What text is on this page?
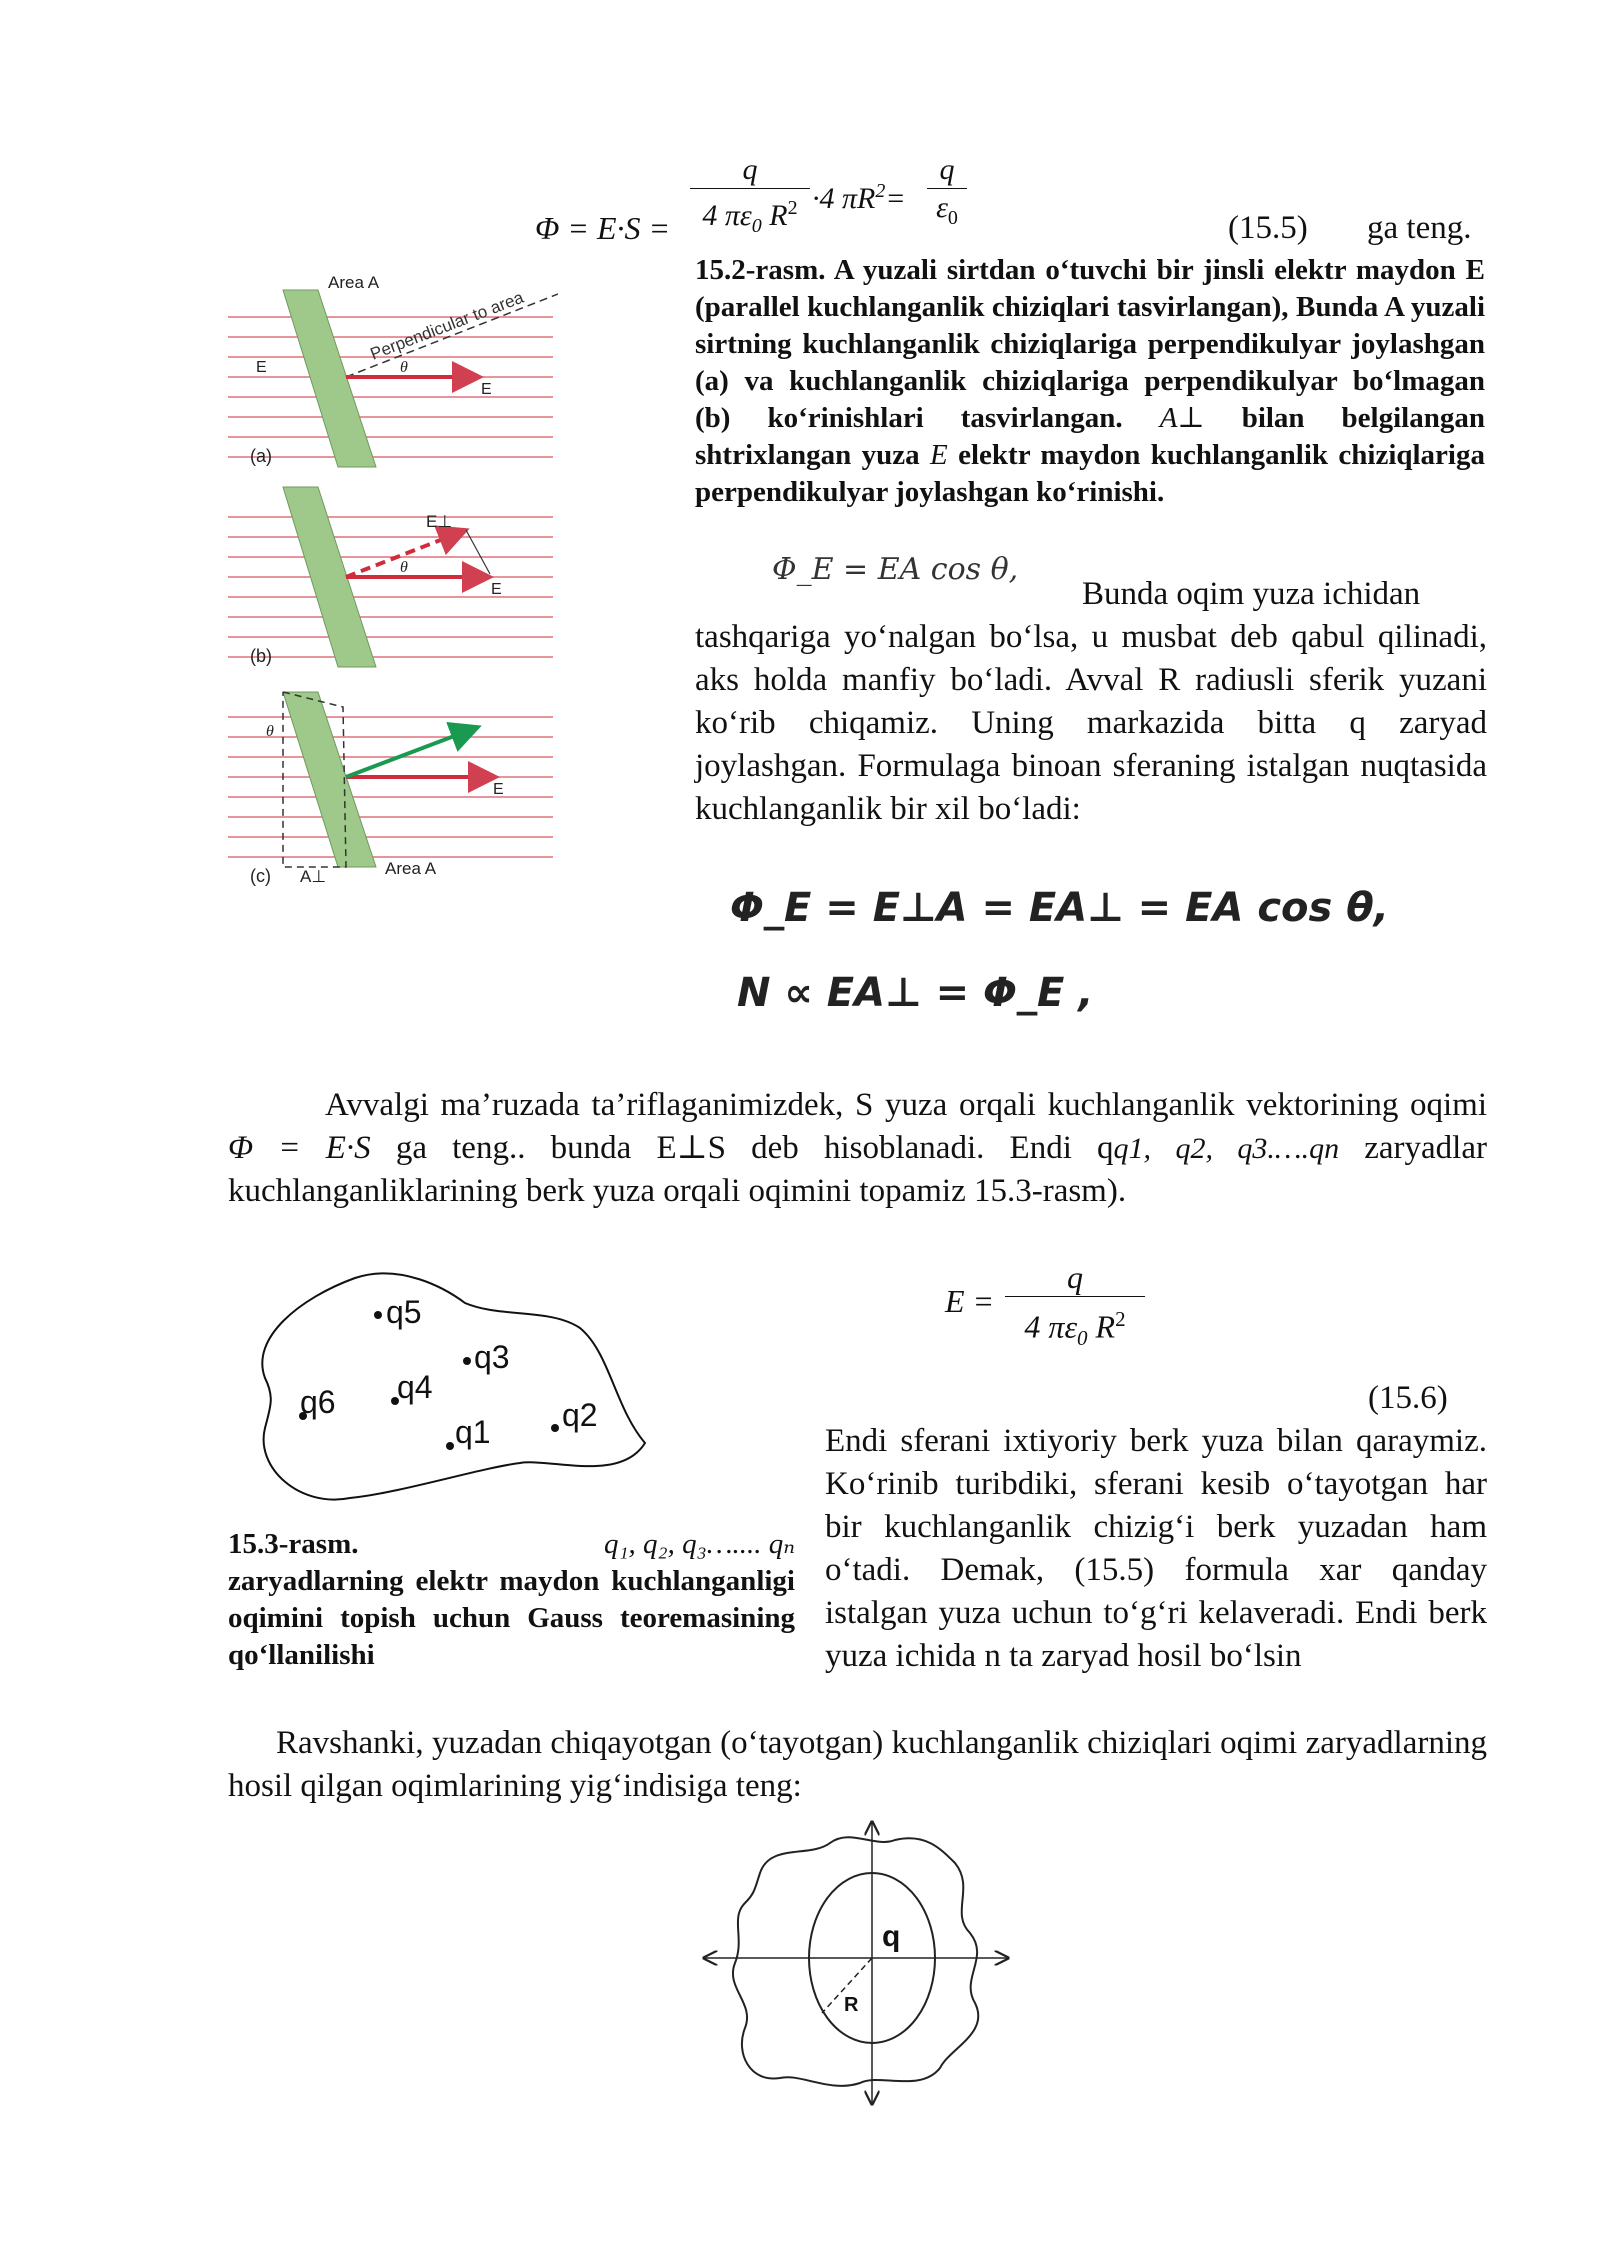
Φ = E·S =
q
4 $\pi\varepsilon_0$ $R^2 \cdot 4$ $\pi R^2=$
q
$\varepsilon_0$	(15.5) ga teng.
Area A
Perpendicular to area
E
E
θ
(a)
E⊥
θ
E
(b)
θ
E
A⊥	Area A
(c)
15.2-rasm. A yuzali sirtdan o‘tuvchi bir jinsli elektr maydon E (parallel kuchlanganlik chiziqlari tasvirlangan), Bunda A yuzali sirtning kuchlanganlik chiziqlariga perpendikulyar joylashgan (a) va kuchlanganlik chiziqlariga perpendikulyar bo‘lmagan (b) ko‘rinishlari tasvirlangan. A⊥ bilan belgilangan shtrixlangan yuza E elektr maydon kuchlanganlik chiziqlariga perpendikulyar joylashgan ko‘rinishi.
Φ_E = EA cos θ,
Bunda oqim yuza ichidan
tashqariga yo‘nalgan bo‘lsa, u musbat deb qabul qilinadi, aks holda manfiy bo‘ladi. Avval R radiusli sferik yuzani ko‘rib chiqamiz. Uning markazida bitta q zaryad joylashgan. Formulaga binoan sferaning istalgan nuqtasida kuchlanganlik bir xil bo‘ladi:
Φ_E = E⊥A = EA⊥ = EA cos θ,
N ∝ EA⊥ = Φ_E ,
Avvalgi ma’ruzada ta’riflaganimizdek, S yuza orqali kuchlanganlik vektorining oqimi Φ = E·S ga teng.. bunda E⊥S deb hisoblanadi. Endi qq1, q2, q3.….qn zaryadlar kuchlanganliklarining berk yuza orqali oqimini topamiz 15.3-rasm).
q5
q3
q6 q4
q2
q1
E =
q
4 $\pi\varepsilon_0$ $R^2$
(15.6)
15.3-rasm.	q₁, q₂, q₃….... qₙ
zaryadlarning elektr maydon kuchlanganligi oqimini topish uchun Gauss teoremasining qo‘llanilishi
Endi sferani ixtiyoriy berk yuza bilan qaraymiz. Ko‘rinib turibdiki, sferani kesib o‘tayotgan har bir kuchlanganlik chizig‘i berk yuzadan ham o‘tadi. Demak, (15.5) formula xar qanday istalgan yuza uchun to‘g‘ri kelaveradi. Endi berk yuza ichida n ta zaryad hosil bo‘lsin
Ravshanki, yuzadan chiqayotgan (o‘tayotgan) kuchlanganlik chiziqlari oqimi zaryadlarning hosil qilgan oqimlarining yig‘indisiga teng:
q
R
